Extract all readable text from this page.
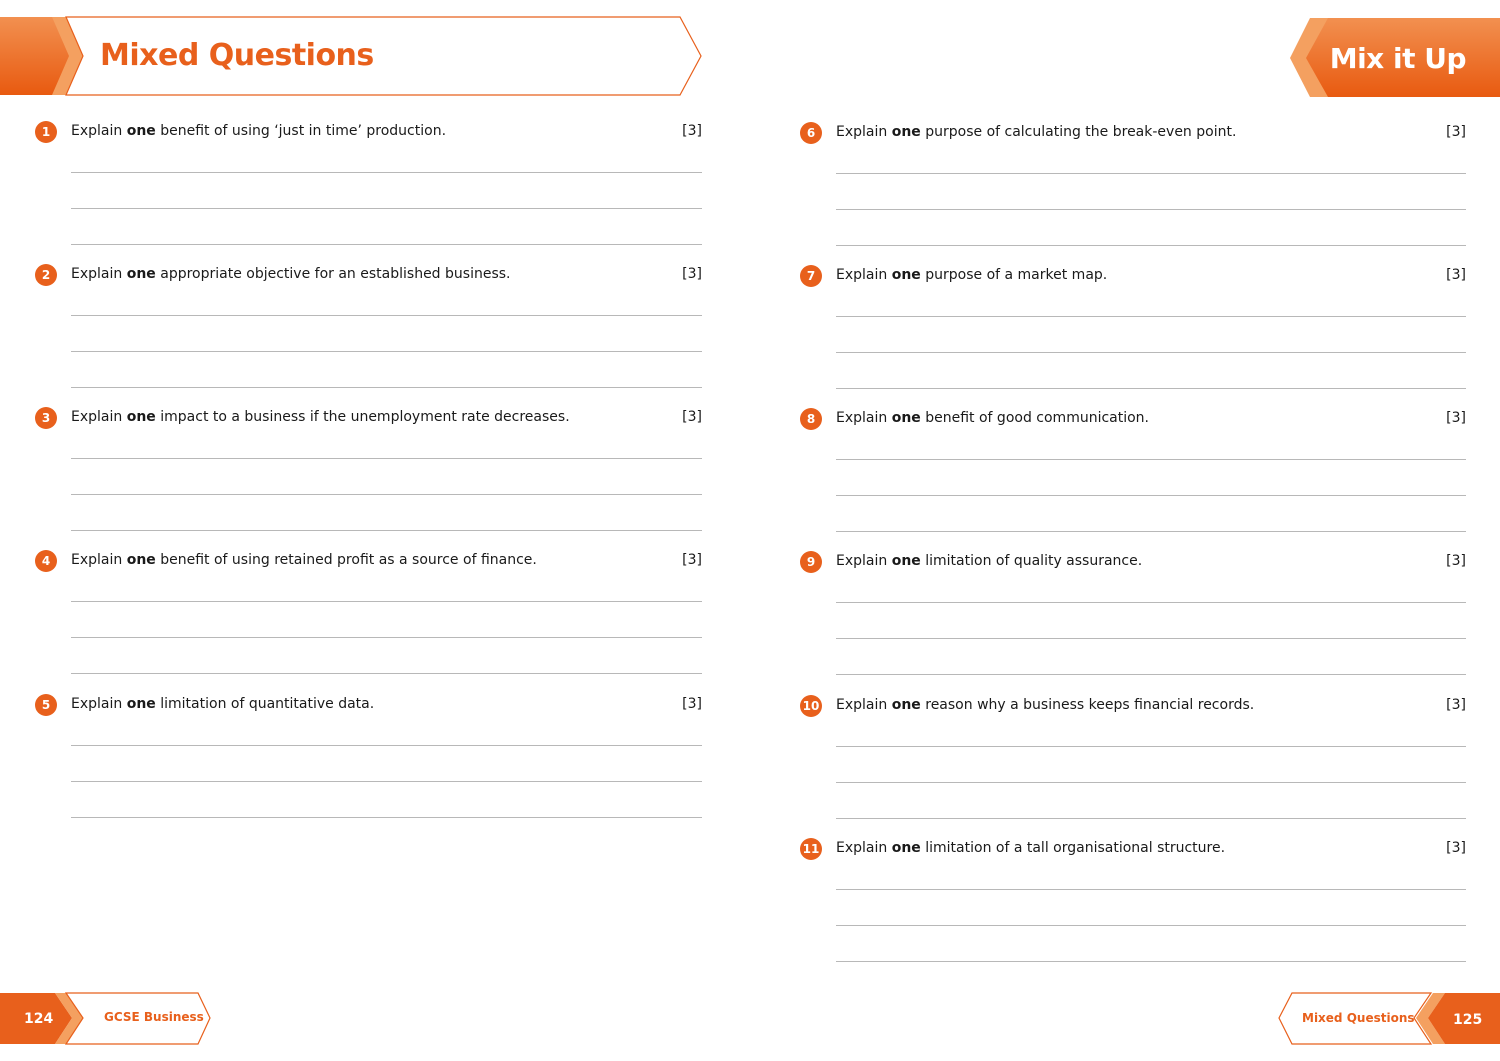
Mixed Questions	Mix it Up
1	Explain one benefit of using ‘just in time’ production.	[3]
2	Explain one appropriate objective for an established business.	[3]
3	Explain one impact to a business if the unemployment rate decreases.	[3]
4	Explain one benefit of using retained profit as a source of finance.	[3]
5	Explain one limitation of quantitative data.	[3]
6	Explain one purpose of calculating the break-even point.	[3]
7	Explain one purpose of a market map.	[3]
8	Explain one benefit of good communication.	[3]
9	Explain one limitation of quality assurance.	[3]
10 Explain one reason why a business keeps financial records.	[3]
11 Explain one limitation of a tall organisational structure.	[3]
124	GCSE Business	Mixed Questions	125
